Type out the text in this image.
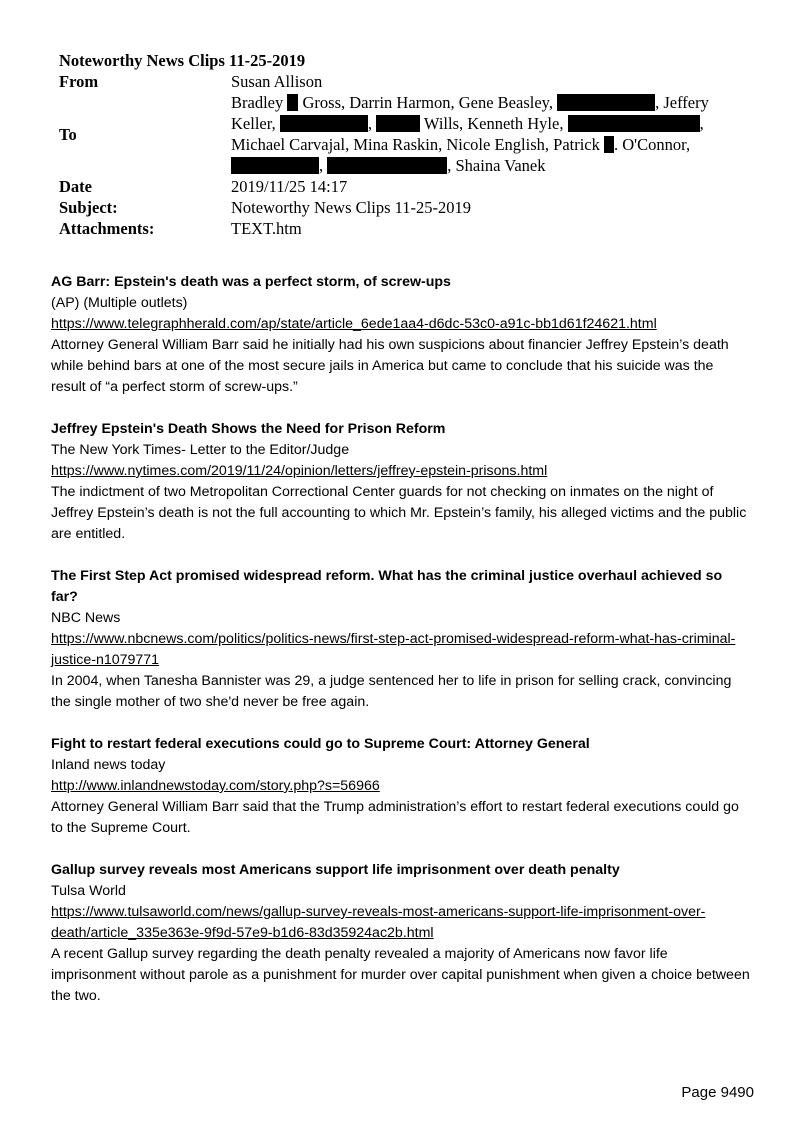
Noteworthy News Clips 11-25-2019
From	Susan Allison
To
Bradley Gross, Darrin Harmon, Gene Beasley,	, Jeffery
Keller,	,	Wills, Kenneth Hyle,	,
Michael Carvajal, Mina Raskin, Nicole English, Patrick . O'Connor,
,	, Shaina Vanek
Date	2019/11/25 14:17
Subject:	Noteworthy News Clips 11-25-2019
Attachments:	TEXT.htm
AG Barr: Epstein's death was a perfect storm, of screw-ups
(AP) (Multiple outlets)
https://www.telegraphherald.com/ap/state/article_6ede1aa4-d6dc-53c0-a91c-bb1d61f24621.html
Attorney General William Barr said he initially had his own suspicions about financier Jeffrey Epstein’s death while behind bars at one of the most secure jails in America but came to conclude that his suicide was the result of “a perfect storm of screw-ups.”
Jeffrey Epstein's Death Shows the Need for Prison Reform
The New York Times- Letter to the Editor/Judge
https://www.nytimes.com/2019/11/24/opinion/letters/jeffrey-epstein-prisons.html
The indictment of two Metropolitan Correctional Center guards for not checking on inmates on the night of Jeffrey Epstein’s death is not the full accounting to which Mr. Epstein’s family, his alleged victims and the public are entitled.
The First Step Act promised widespread reform. What has the criminal justice overhaul achieved so far?
NBC News
https://www.nbcnews.com/politics/politics-news/first-step-act-promised-widespread-reform-what-has-criminal-justice-n1079771
In 2004, when Tanesha Bannister was 29, a judge sentenced her to life in prison for selling crack, convincing the single mother of two she'd never be free again.
Fight to restart federal executions could go to Supreme Court: Attorney General
Inland news today
http://www.inlandnewstoday.com/story.php?s=56966
Attorney General William Barr said that the Trump administration’s effort to restart federal executions could go to the Supreme Court.
Gallup survey reveals most Americans support life imprisonment over death penalty
Tulsa World
https://www.tulsaworld.com/news/gallup-survey-reveals-most-americans-support-life-imprisonment-over-death/article_335e363e-9f9d-57e9-b1d6-83d35924ac2b.html
A recent Gallup survey regarding the death penalty revealed a majority of Americans now favor life imprisonment without parole as a punishment for murder over capital punishment when given a choice between the two.
Page 9490
